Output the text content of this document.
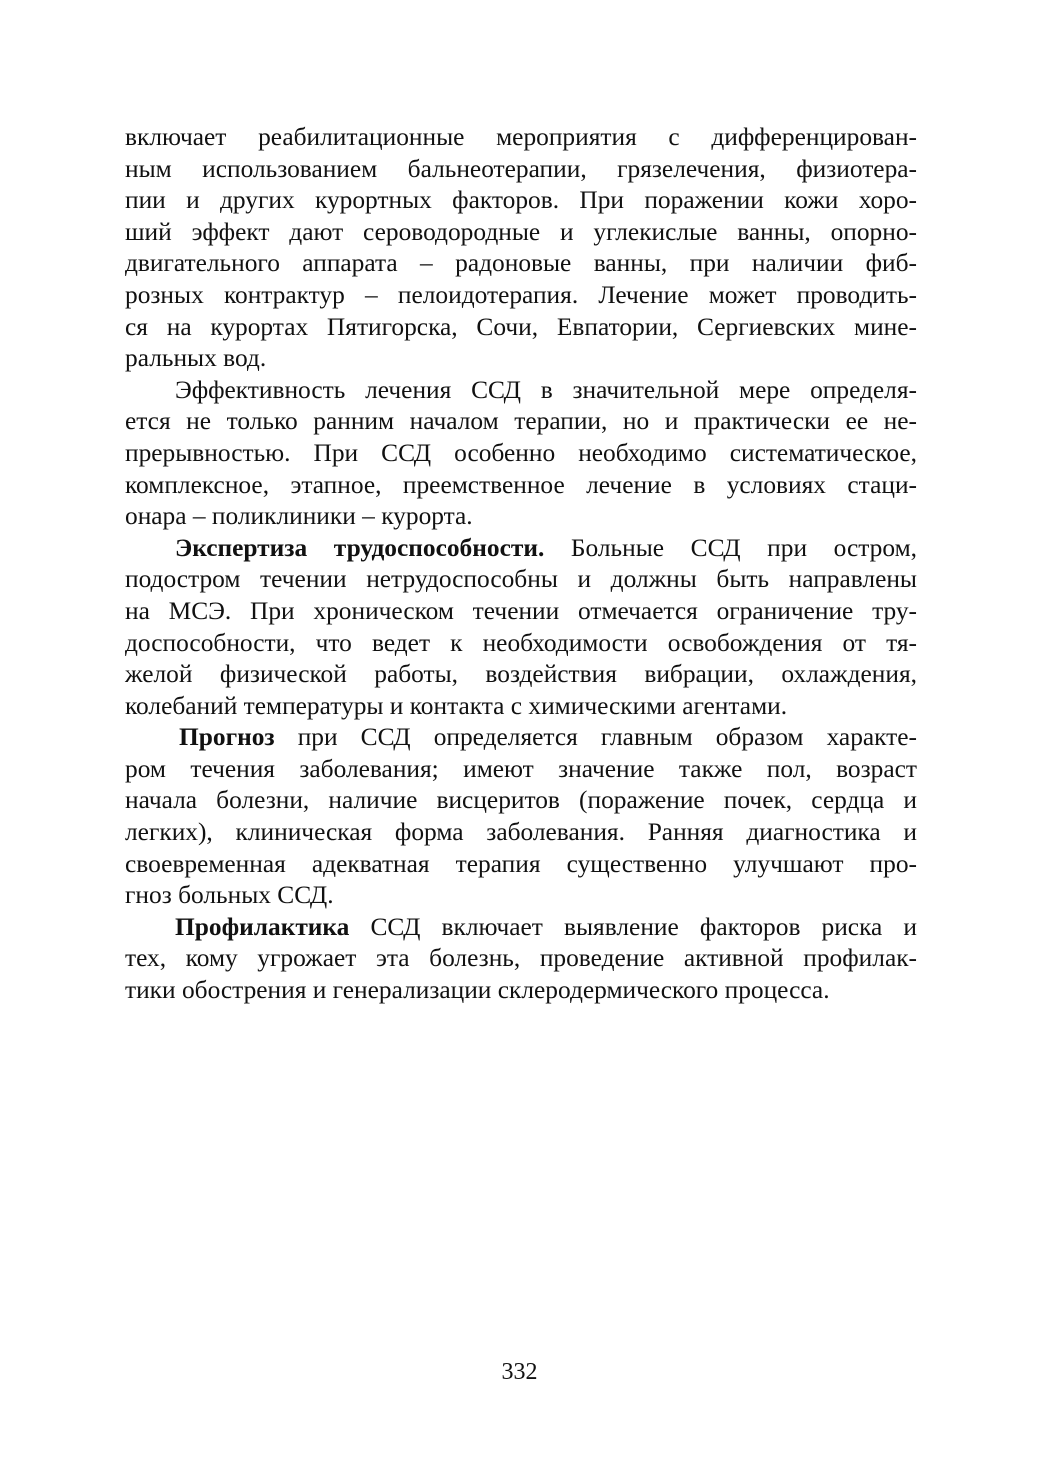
включает реабилитационные мероприятия с дифференцирован-
ным использованием бальнеотерапии, грязелечения, физиотера-
пии и других курортных факторов. При поражении кожи хоро-
ший эффект дают сероводородные и углекислые ванны, опорно-
двигательного аппарата – радоновые ванны, при наличии фиб-
розных контрактур – пелоидотерапия. Лечение может проводить-
ся на курортах Пятигорска, Сочи, Евпатории, Сергиевских мине-
ральных вод.

Эффективность лечения ССД в значительной мере определя-
ется не только ранним началом терапии, но и практически ее не-
прерывностью. При ССД особенно необходимо систематическое,
комплексное, этапное, преемственное лечение в условиях стаци-
онара – поликлиники – курорта.

Экспертиза трудоспособности. Больные ССД при остром,
подостром течении нетрудоспособны и должны быть направлены
на МСЭ. При хроническом течении отмечается ограничение тру-
доспособности, что ведет к необходимости освобождения от тя-
желой физической работы, воздействия вибрации, охлаждения,
колебаний температуры и контакта с химическими агентами.

Прогноз при ССД определяется главным образом характе-
ром течения заболевания; имеют значение также пол, возраст
начала болезни, наличие висцеритов (поражение почек, сердца и
легких), клиническая форма заболевания. Ранняя диагностика и
своевременная адекватная терапия существенно улучшают про-
гноз больных ССД.

Профилактика ССД включает выявление факторов риска и
тех, кому угрожает эта болезнь, проведение активной профилак-
тики обострения и генерализации склеродермического процесса.

332
